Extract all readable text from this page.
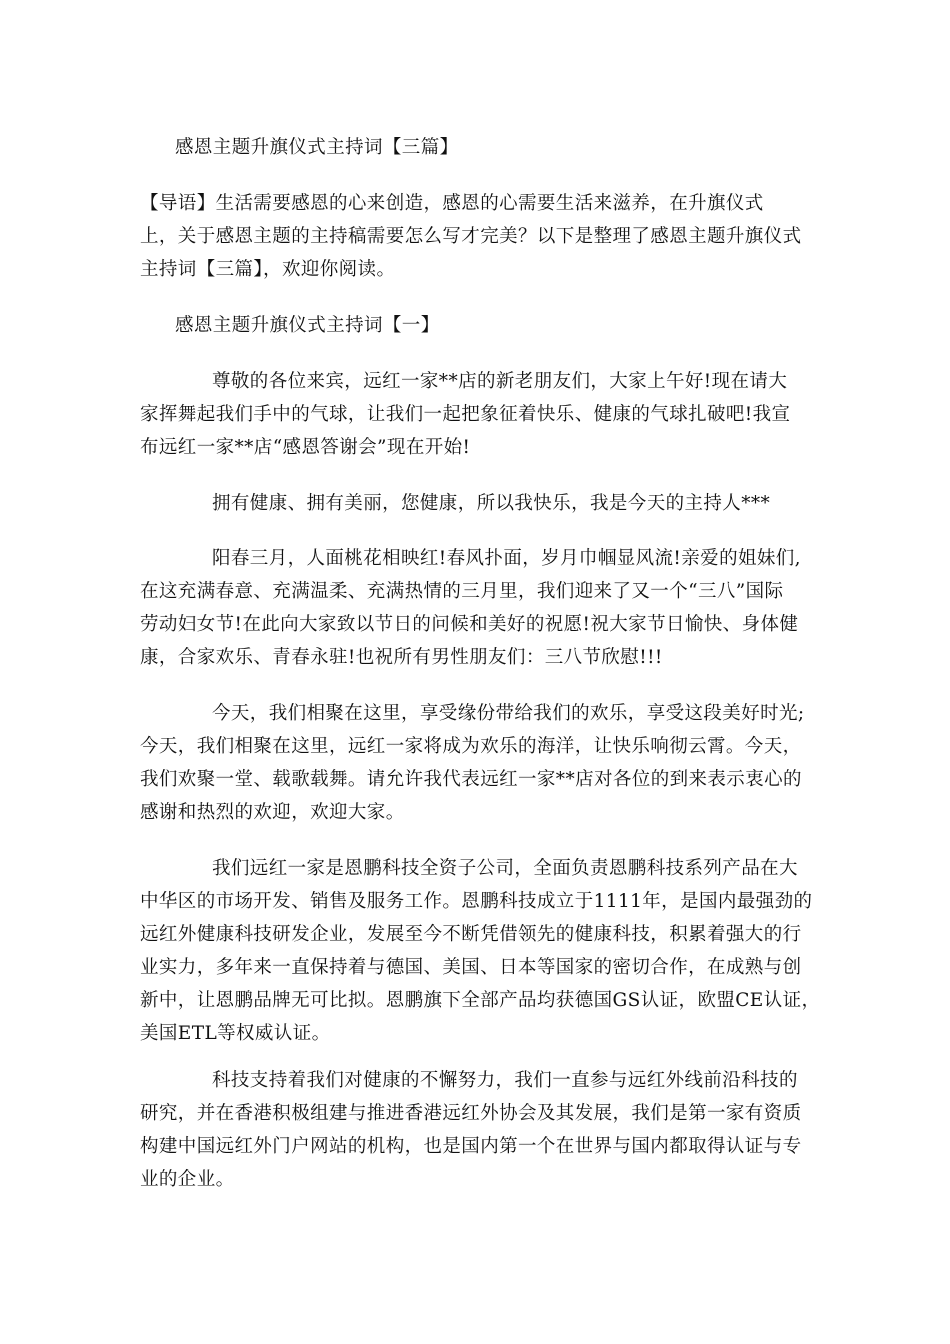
感恩主题升旗仪式主持词【三篇】
【导语】生活需要感恩的心来创造，感恩的心需要生活来滋养，在升旗仪式
上，关于感恩主题的主持稿需要怎么写才完美？以下是整理了感恩主题升旗仪式
主持词【三篇】，欢迎你阅读。
感恩主题升旗仪式主持词【一】
尊敬的各位来宾，远红一家**店的新老朋友们，大家上午好!现在请大
家挥舞起我们手中的气球，让我们一起把象征着快乐、健康的气球扎破吧!我宣
布远红一家**店“感恩答谢会”现在开始!
拥有健康、拥有美丽，您健康，所以我快乐，我是今天的主持人***
阳春三月，人面桃花相映红!春风扑面，岁月巾帼显风流!亲爱的姐妹们,
在这充满春意、充满温柔、充满热情的三月里，我们迎来了又一个“三八”国际
劳动妇女节!在此向大家致以节日的问候和美好的祝愿!祝大家节日愉快、身体健
康，合家欢乐、青春永驻!也祝所有男性朋友们：三八节欣慰!!!
今天，我们相聚在这里，享受缘份带给我们的欢乐，享受这段美好时光;
今天，我们相聚在这里，远红一家将成为欢乐的海洋，让快乐响彻云霄。今天，
我们欢聚一堂、载歌载舞。请允许我代表远红一家**店对各位的到来表示衷心的
感谢和热烈的欢迎，欢迎大家。
我们远红一家是恩鹏科技全资子公司，全面负责恩鹏科技系列产品在大
中华区的市场开发、销售及服务工作。恩鹏科技成立于1111年，是国内最强劲的
远红外健康科技研发企业，发展至今不断凭借领先的健康科技，积累着强大的行
业实力，多年来一直保持着与德国、美国、日本等国家的密切合作，在成熟与创
新中，让恩鹏品牌无可比拟。恩鹏旗下全部产品均获德国GS认证，欧盟CE认证，
美国ETL等权威认证。
科技支持着我们对健康的不懈努力，我们一直参与远红外线前沿科技的
研究，并在香港积极组建与推进香港远红外协会及其发展，我们是第一家有资质
构建中国远红外门户网站的机构，也是国内第一个在世界与国内都取得认证与专
业的企业。
